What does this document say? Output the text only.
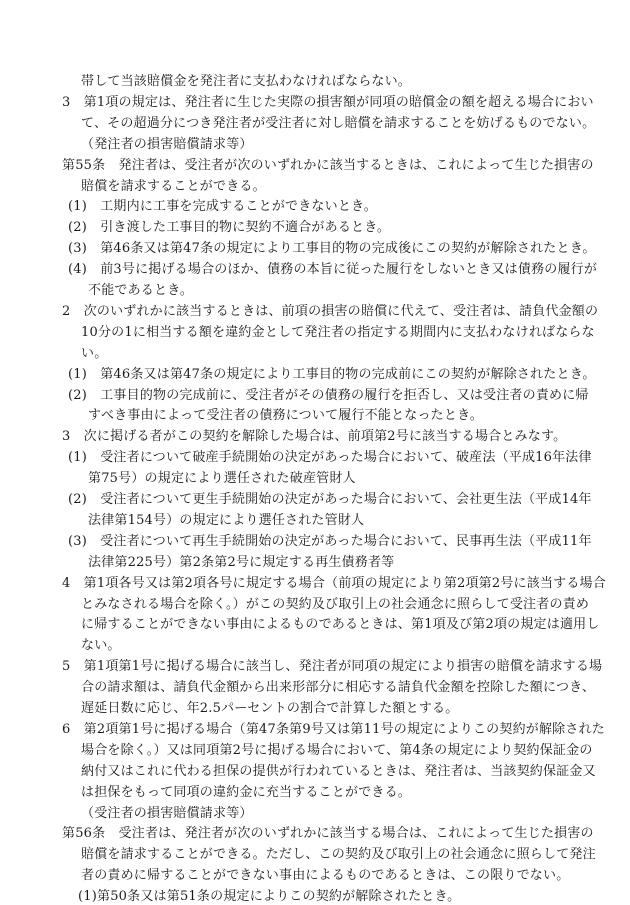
帯して当該賠償金を発注者に支払わなければならない。
3　第1項の規定は、発注者に生じた実際の損害額が同項の賠償金の額を超える場合におい
て、その超過分につき発注者が受注者に対し賠償を請求することを妨げるものでない。
（発注者の損害賠償請求等）
第55条　発注者は、受注者が次のいずれかに該当するときは、これによって生じた損害の
賠償を請求することができる。
(1)　工期内に工事を完成することができないとき。
(2)　引き渡した工事目的物に契約不適合があるとき。
(3)　第46条又は第47条の規定により工事目的物の完成後にこの契約が解除されたとき。
(4)　前3号に掲げる場合のほか、債務の本旨に従った履行をしないとき又は債務の履行が
不能であるとき。
2　次のいずれかに該当するときは、前項の損害の賠償に代えて、受注者は、請負代金額の
10分の1に相当する額を違約金として発注者の指定する期間内に支払わなければならな
い。
(1)　第46条又は第47条の規定により工事目的物の完成前にこの契約が解除されたとき。
(2)　工事目的物の完成前に、受注者がその債務の履行を拒否し、又は受注者の責めに帰
すべき事由によって受注者の債務について履行不能となったとき。
3　次に掲げる者がこの契約を解除した場合は、前項第2号に該当する場合とみなす。
(1)　受注者について破産手続開始の決定があった場合において、破産法（平成16年法律
第75号）の規定により選任された破産管財人
(2)　受注者について更生手続開始の決定があった場合において、会社更生法（平成14年
法律第154号）の規定により選任された管財人
(3)　受注者について再生手続開始の決定があった場合において、民事再生法（平成11年
法律第225号）第2条第2号に規定する再生債務者等
4　第1項各号又は第2項各号に規定する場合（前項の規定により第2項第2号に該当する場合
とみなされる場合を除く。）がこの契約及び取引上の社会通念に照らして受注者の責め
に帰することができない事由によるものであるときは、第1項及び第2項の規定は適用し
ない。
5　第1項第1号に掲げる場合に該当し、発注者が同項の規定により損害の賠償を請求する場
合の請求額は、請負代金額から出来形部分に相応する請負代金額を控除した額につき、
遅延日数に応じ、年2.5パーセントの割合で計算した額とする。
6　第2項第1号に掲げる場合（第47条第9号又は第11号の規定によりこの契約が解除された
場合を除く。）又は同項第2号に掲げる場合において、第4条の規定により契約保証金の
納付又はこれに代わる担保の提供が行われているときは、発注者は、当該契約保証金又
は担保をもって同項の違約金に充当することができる。
（受注者の損害賠償請求等）
第56条　受注者は、発注者が次のいずれかに該当する場合は、これによって生じた損害の
賠償を請求することができる。ただし、この契約及び取引上の社会通念に照らして発注
者の責めに帰することができない事由によるものであるときは、この限りでない。
(1)第50条又は第51条の規定によりこの契約が解除されたとき。
